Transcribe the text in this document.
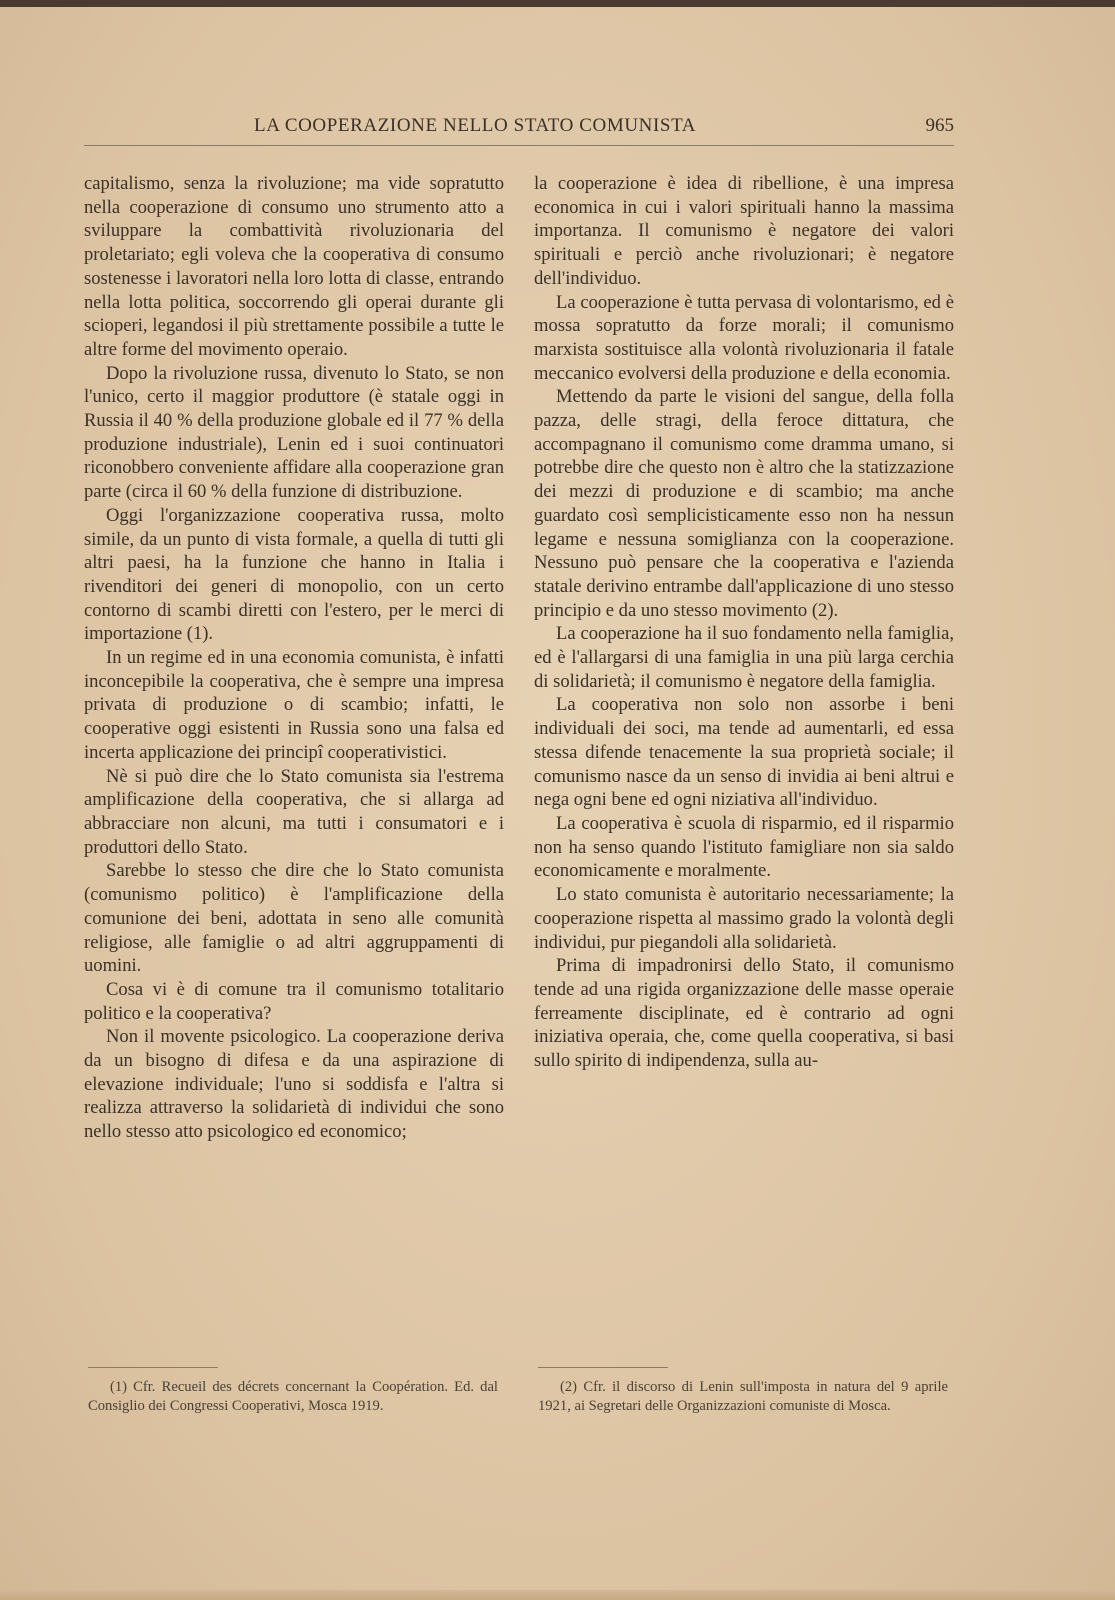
LA COOPERAZIONE NELLO STATO COMUNISTA	965

capitalismo, senza la rivoluzione; ma vide sopratutto nella cooperazione di consumo uno strumento atto a sviluppare la combattività rivoluzionaria del proletariato; egli voleva che la cooperativa di consumo sostenesse i lavoratori nella loro lotta di classe, entrando nella lotta politica, soccorrendo gli operai durante gli scioperi, legandosi il più strettamente possibile a tutte le altre forme del movimento operaio.

Dopo la rivoluzione russa, divenuto lo Stato, se non l'unico, certo il maggior produttore (è statale oggi in Russia il 40 % della produzione globale ed il 77 % della produzione industriale), Lenin ed i suoi continuatori riconobbero conveniente affidare alla cooperazione gran parte (circa il 60 % della funzione di distribuzione.

Oggi l'organizzazione cooperativa russa, molto simile, da un punto di vista formale, a quella di tutti gli altri paesi, ha la funzione che hanno in Italia i rivenditori dei generi di monopolio, con un certo contorno di scambi diretti con l'estero, per le merci di importazione (1).

In un regime ed in una economia comunista, è infatti inconcepibile la cooperativa, che è sempre una impresa privata di produzione o di scambio; infatti, le cooperative oggi esistenti in Russia sono una falsa ed incerta applicazione dei principî cooperativistici.

Nè si può dire che lo Stato comunista sia l'estrema amplificazione della cooperativa, che si allarga ad abbracciare non alcuni, ma tutti i consumatori e i produttori dello Stato.

Sarebbe lo stesso che dire che lo Stato comunista (comunismo politico) è l'amplificazione della comunione dei beni, adottata in seno alle comunità religiose, alle famiglie o ad altri aggruppamenti di uomini.

Cosa vi è di comune tra il comunismo totalitario politico e la cooperativa?

Non il movente psicologico. La cooperazione deriva da un bisogno di difesa e da una aspirazione di elevazione individuale; l'uno si soddisfa e l'altra si realizza attraverso la solidarietà di individui che sono nello stesso atto psicologico ed economico;

la cooperazione è idea di ribellione, è una impresa economica in cui i valori spirituali hanno la massima importanza. Il comunismo è negatore dei valori spirituali e perciò anche rivoluzionari; è negatore dell'individuo.

La cooperazione è tutta pervasa di volontarismo, ed è mossa sopratutto da forze morali; il comunismo marxista sostituisce alla volontà rivoluzionaria il fatale meccanico evolversi della produzione e della economia.

Mettendo da parte le visioni del sangue, della folla pazza, delle stragi, della feroce dittatura, che accompagnano il comunismo come dramma umano, si potrebbe dire che questo non è altro che la statizzazione dei mezzi di produzione e di scambio; ma anche guardato così semplicisticamente esso non ha nessun legame e nessuna somiglianza con la cooperazione. Nessuno può pensare che la cooperativa e l'azienda statale derivino entrambe dall'applicazione di uno stesso principio e da uno stesso movimento (2).

La cooperazione ha il suo fondamento nella famiglia, ed è l'allargarsi di una famiglia in una più larga cerchia di solidarietà; il comunismo è negatore della famiglia.

La cooperativa non solo non assorbe i beni individuali dei soci, ma tende ad aumentarli, ed essa stessa difende tenacemente la sua proprietà sociale; il comunismo nasce da un senso di invidia ai beni altrui e nega ogni bene ed ogni niziativa all'individuo.

La cooperativa è scuola di risparmio, ed il risparmio non ha senso quando l'istituto famigliare non sia saldo economicamente e moralmente.

Lo stato comunista è autoritario necessariamente; la cooperazione rispetta al massimo grado la volontà degli individui, pur piegandoli alla solidarietà.

Prima di impadronirsi dello Stato, il comunismo tende ad una rigida organizzazione delle masse operaie ferreamente disciplinate, ed è contrario ad ogni iniziativa operaia, che, come quella cooperativa, si basi sullo spirito di indipendenza, sulla au-

(1) Cfr. Recueil des décrets concernant la Coopération. Ed. dal Consiglio dei Congressi Cooperativi, Mosca 1919.

(2) Cfr. il discorso di Lenin sull'imposta in natura del 9 aprile 1921, ai Segretari delle Organizzazioni comuniste di Mosca.
